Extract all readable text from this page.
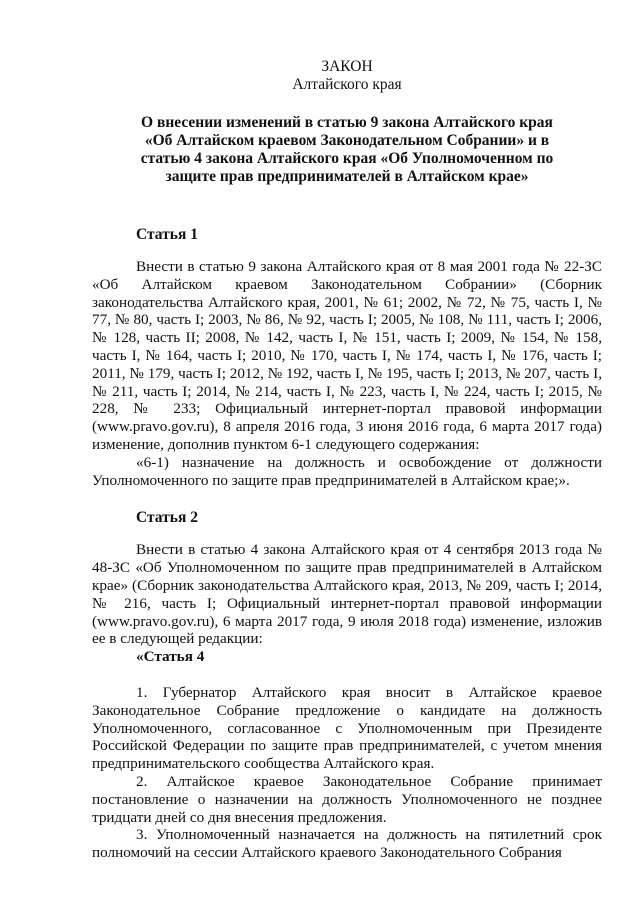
ЗАКОН
Алтайского края
О внесении изменений в статью 9 закона Алтайского края
«Об Алтайском краевом Законодательном Собрании» и в
статью 4 закона Алтайского края «Об Уполномоченном по
защите прав предпринимателей в Алтайском крае»
Статья 1

Внести в статью 9 закона Алтайского края от 8 мая 2001 года № 22-ЗС «Об Алтайском краевом Законодательном Собрании» (Сборник законодательства Алтайского края, 2001, № 61; 2002, № 72, № 75, часть I, № 77, № 80, часть I; 2003, № 86, № 92, часть I; 2005, № 108, № 111, часть I; 2006, № 128, часть II; 2008, № 142, часть I, № 151, часть I; 2009, № 154, № 158, часть I, № 164, часть I; 2010, № 170, часть I, № 174, часть I, № 176, часть I; 2011, № 179, часть I; 2012, № 192, часть I, № 195, часть I; 2013, № 207, часть I, № 211, часть I; 2014, № 214, часть I, № 223, часть I, № 224, часть I; 2015, № 228, № 233; Официальный интернет-портал правовой информации (www.pravo.gov.ru), 8 апреля 2016 года, 3 июня 2016 года, 6 марта 2017 года) изменение, дополнив пунктом 6-1 следующего содержания:

«6-1) назначение на должность и освобождение от должности Уполномоченного по защите прав предпринимателей в Алтайском крае;».

Статья 2

Внести в статью 4 закона Алтайского края от 4 сентября 2013 года № 48-ЗС «Об Уполномоченном по защите прав предпринимателей в Алтайском крае» (Сборник законодательства Алтайского края, 2013, № 209, часть I; 2014, № 216, часть I; Официальный интернет-портал правовой информации (www.pravo.gov.ru), 6 марта 2017 года, 9 июля 2018 года) изменение, изложив ее в следующей редакции:

«Статья 4

1. Губернатор Алтайского края вносит в Алтайское краевое Законодательное Собрание предложение о кандидате на должность Уполномоченного, согласованное с Уполномоченным при Президенте Российской Федерации по защите прав предпринимателей, с учетом мнения предпринимательского сообщества Алтайского края.

2. Алтайское краевое Законодательное Собрание принимает постановление о назначении на должность Уполномоченного не позднее тридцати дней со дня внесения предложения.

3. Уполномоченный назначается на должность на пятилетний срок полномочий на сессии Алтайского краевого Законодательного Собрания
